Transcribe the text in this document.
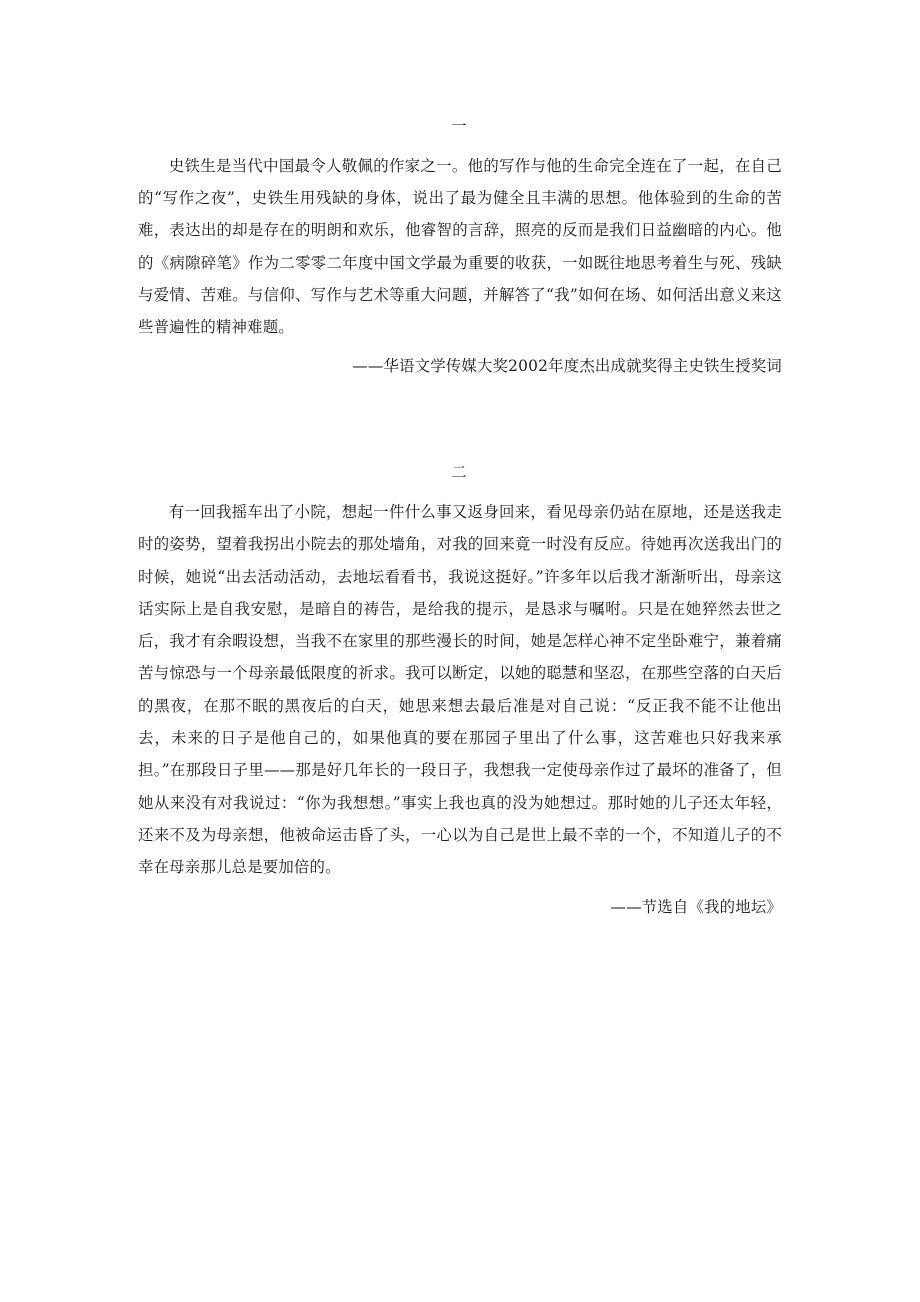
一

史铁生是当代中国最令人敬佩的作家之一。他的写作与他的生命完全连在了一起，在自己的“写作之夜”，史铁生用残缺的身体，说出了最为健全且丰满的思想。他体验到的生命的苦难，表达出的却是存在的明朗和欢乐，他睿智的言辞，照亮的反而是我们日益幽暗的内心。他的《病隙碎笔》作为二零零二年度中国文学最为重要的收获，一如既往地思考着生与死、残缺与爱情、苦难。与信仰、写作与艺术等重大问题，并解答了“我”如何在场、如何活出意义来这些普遍性的精神难题。

——华语文学传媒大奖2002年度杰出成就奖得主史铁生授奖词
二

有一回我摇车出了小院，想起一件什么事又返身回来，看见母亲仍站在原地，还是送我走时的姿势，望着我拐出小院去的那处墙角，对我的回来竟一时没有反应。待她再次送我出门的时候，她说“出去活动活动，去地坛看看书，我说这挺好。”许多年以后我才渐渐听出，母亲这话实际上是自我安慰，是暗自的祷告，是给我的提示，是恳求与嘱咐。只是在她猝然去世之后，我才有余暇设想，当我不在家里的那些漫长的时间，她是怎样心神不定坐卧难宁，兼着痛苦与惊恐与一个母亲最低限度的祈求。我可以断定，以她的聪慧和坚忍，在那些空落的白天后的黑夜，在那不眠的黑夜后的白天，她思来想去最后准是对自己说：“反正我不能不让他出去，未来的日子是他自己的，如果他真的要在那园子里出了什么事，这苦难也只好我来承担。”在那段日子里——那是好几年长的一段日子，我想我一定使母亲作过了最坏的准备了，但她从来没有对我说过：“你为我想想。”事实上我也真的没为她想过。那时她的儿子还太年轻，还来不及为母亲想，他被命运击昏了头，一心以为自己是世上最不幸的一个，不知道儿子的不幸在母亲那儿总是要加倍的。

——节选自《我的地坛》
